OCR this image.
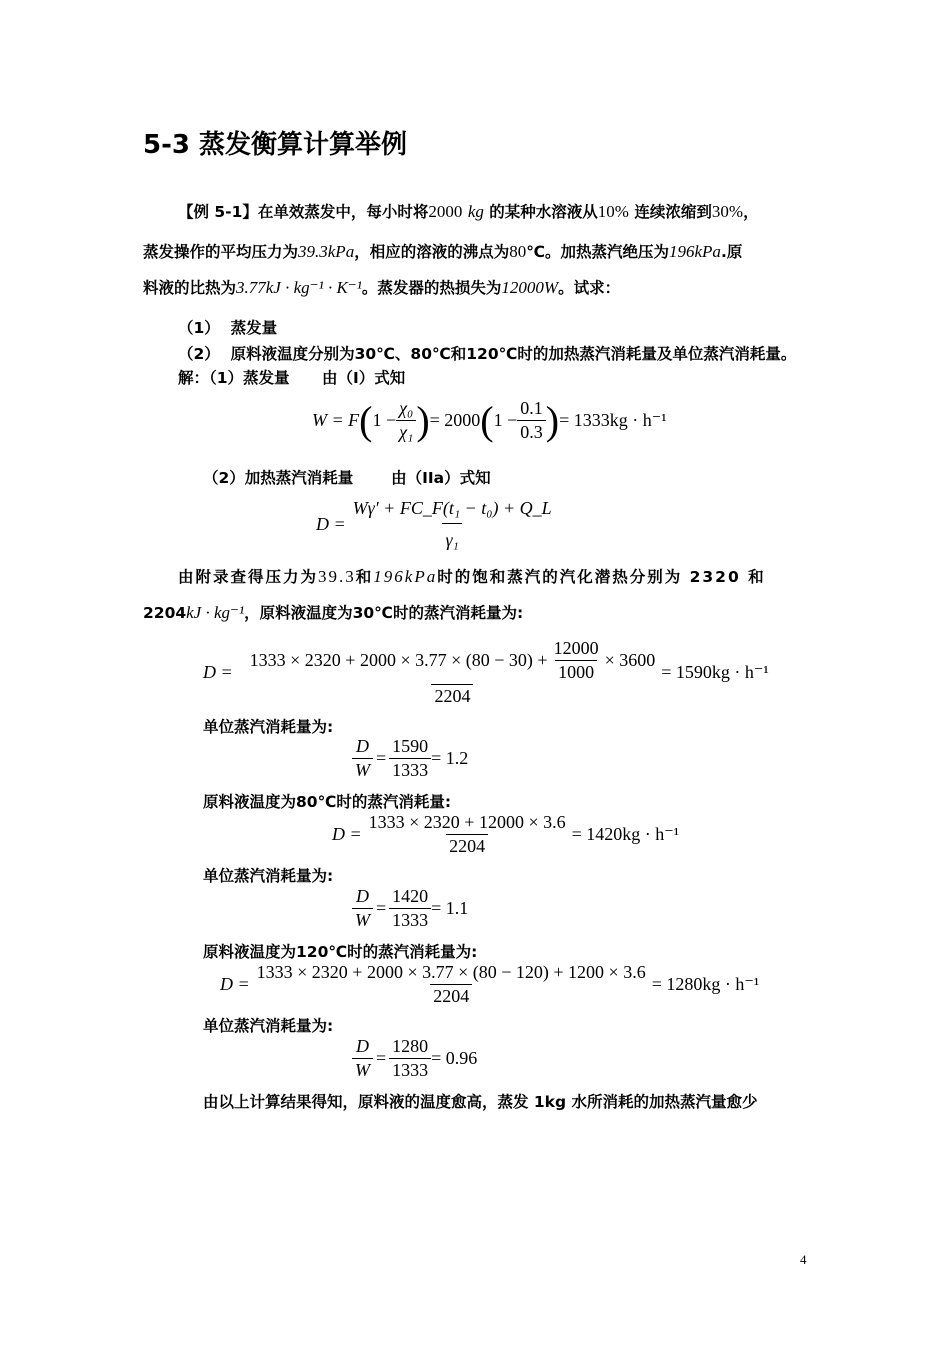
5-3 蒸发衡算计算举例
【例 5-1】在单效蒸发中，每小时将2000 kg 的某种水溶液从10% 连续浓缩到30%，
蒸发操作的平均压力为39.3kPa，相应的溶液的沸点为80℃。加热蒸汽绝压为196kPa.原
料液的比热为3.77kJ · kg⁻¹ · K⁻¹。蒸发器的热损失为12000W。试求：
（1） 蒸发量
（2） 原料液温度分别为30℃、80℃和120℃时的加热蒸汽消耗量及单位蒸汽消耗量。
解：（1）蒸发量 由（I）式知
W = F ( $1 - \frac{\text{χ₀}}{\text{χ₁}}$ ) = 2000 ( $1 - \frac{0.1}{0.3}$ ) = 1333kg · h⁻¹
（2）加热蒸汽消耗量 由（IIa）式知
$D = \frac{\text{Wγ′ + FC\_F(t₁ − t₀) + Q\_L}}{\text{γ₁}}$
由附录查得压力为39.3和196kPa时的饱和蒸汽的汽化潜热分别为 2320 和
2204kJ · kg⁻¹，原料液温度为30℃时的蒸汽消耗量为:
D =
$1333 \times 2320 + 2000 \times 3.77 \times (80 - 30) + \frac{12000}{1000} \times 3600$
2204
= 1590kg · h⁻¹
单位蒸汽消耗量为:
$\frac{D}{W} = \frac{1590}{1333} = 1.2$
原料液温度为80℃时的蒸汽消耗量:
$D = \frac{1333 \times 2320 + 12000 \times 3.6}{2204} = 1420kg \cdot h^{-1}$
单位蒸汽消耗量为:
$\frac{D}{W} = \frac{1420}{1333} = 1.1$
原料液温度为120℃时的蒸汽消耗量为:
$D = \frac{1333 \times 2320 + 2000 \times 3.77 \times (80 - 120) + 1200 \times 3.6}{2204} = 1280kg \cdot h^{-1}$
单位蒸汽消耗量为:
$\frac{D}{W} = \frac{1280}{1333} = 0.96$
由以上计算结果得知，原料液的温度愈高，蒸发 1kg 水所消耗的加热蒸汽量愈少
4
